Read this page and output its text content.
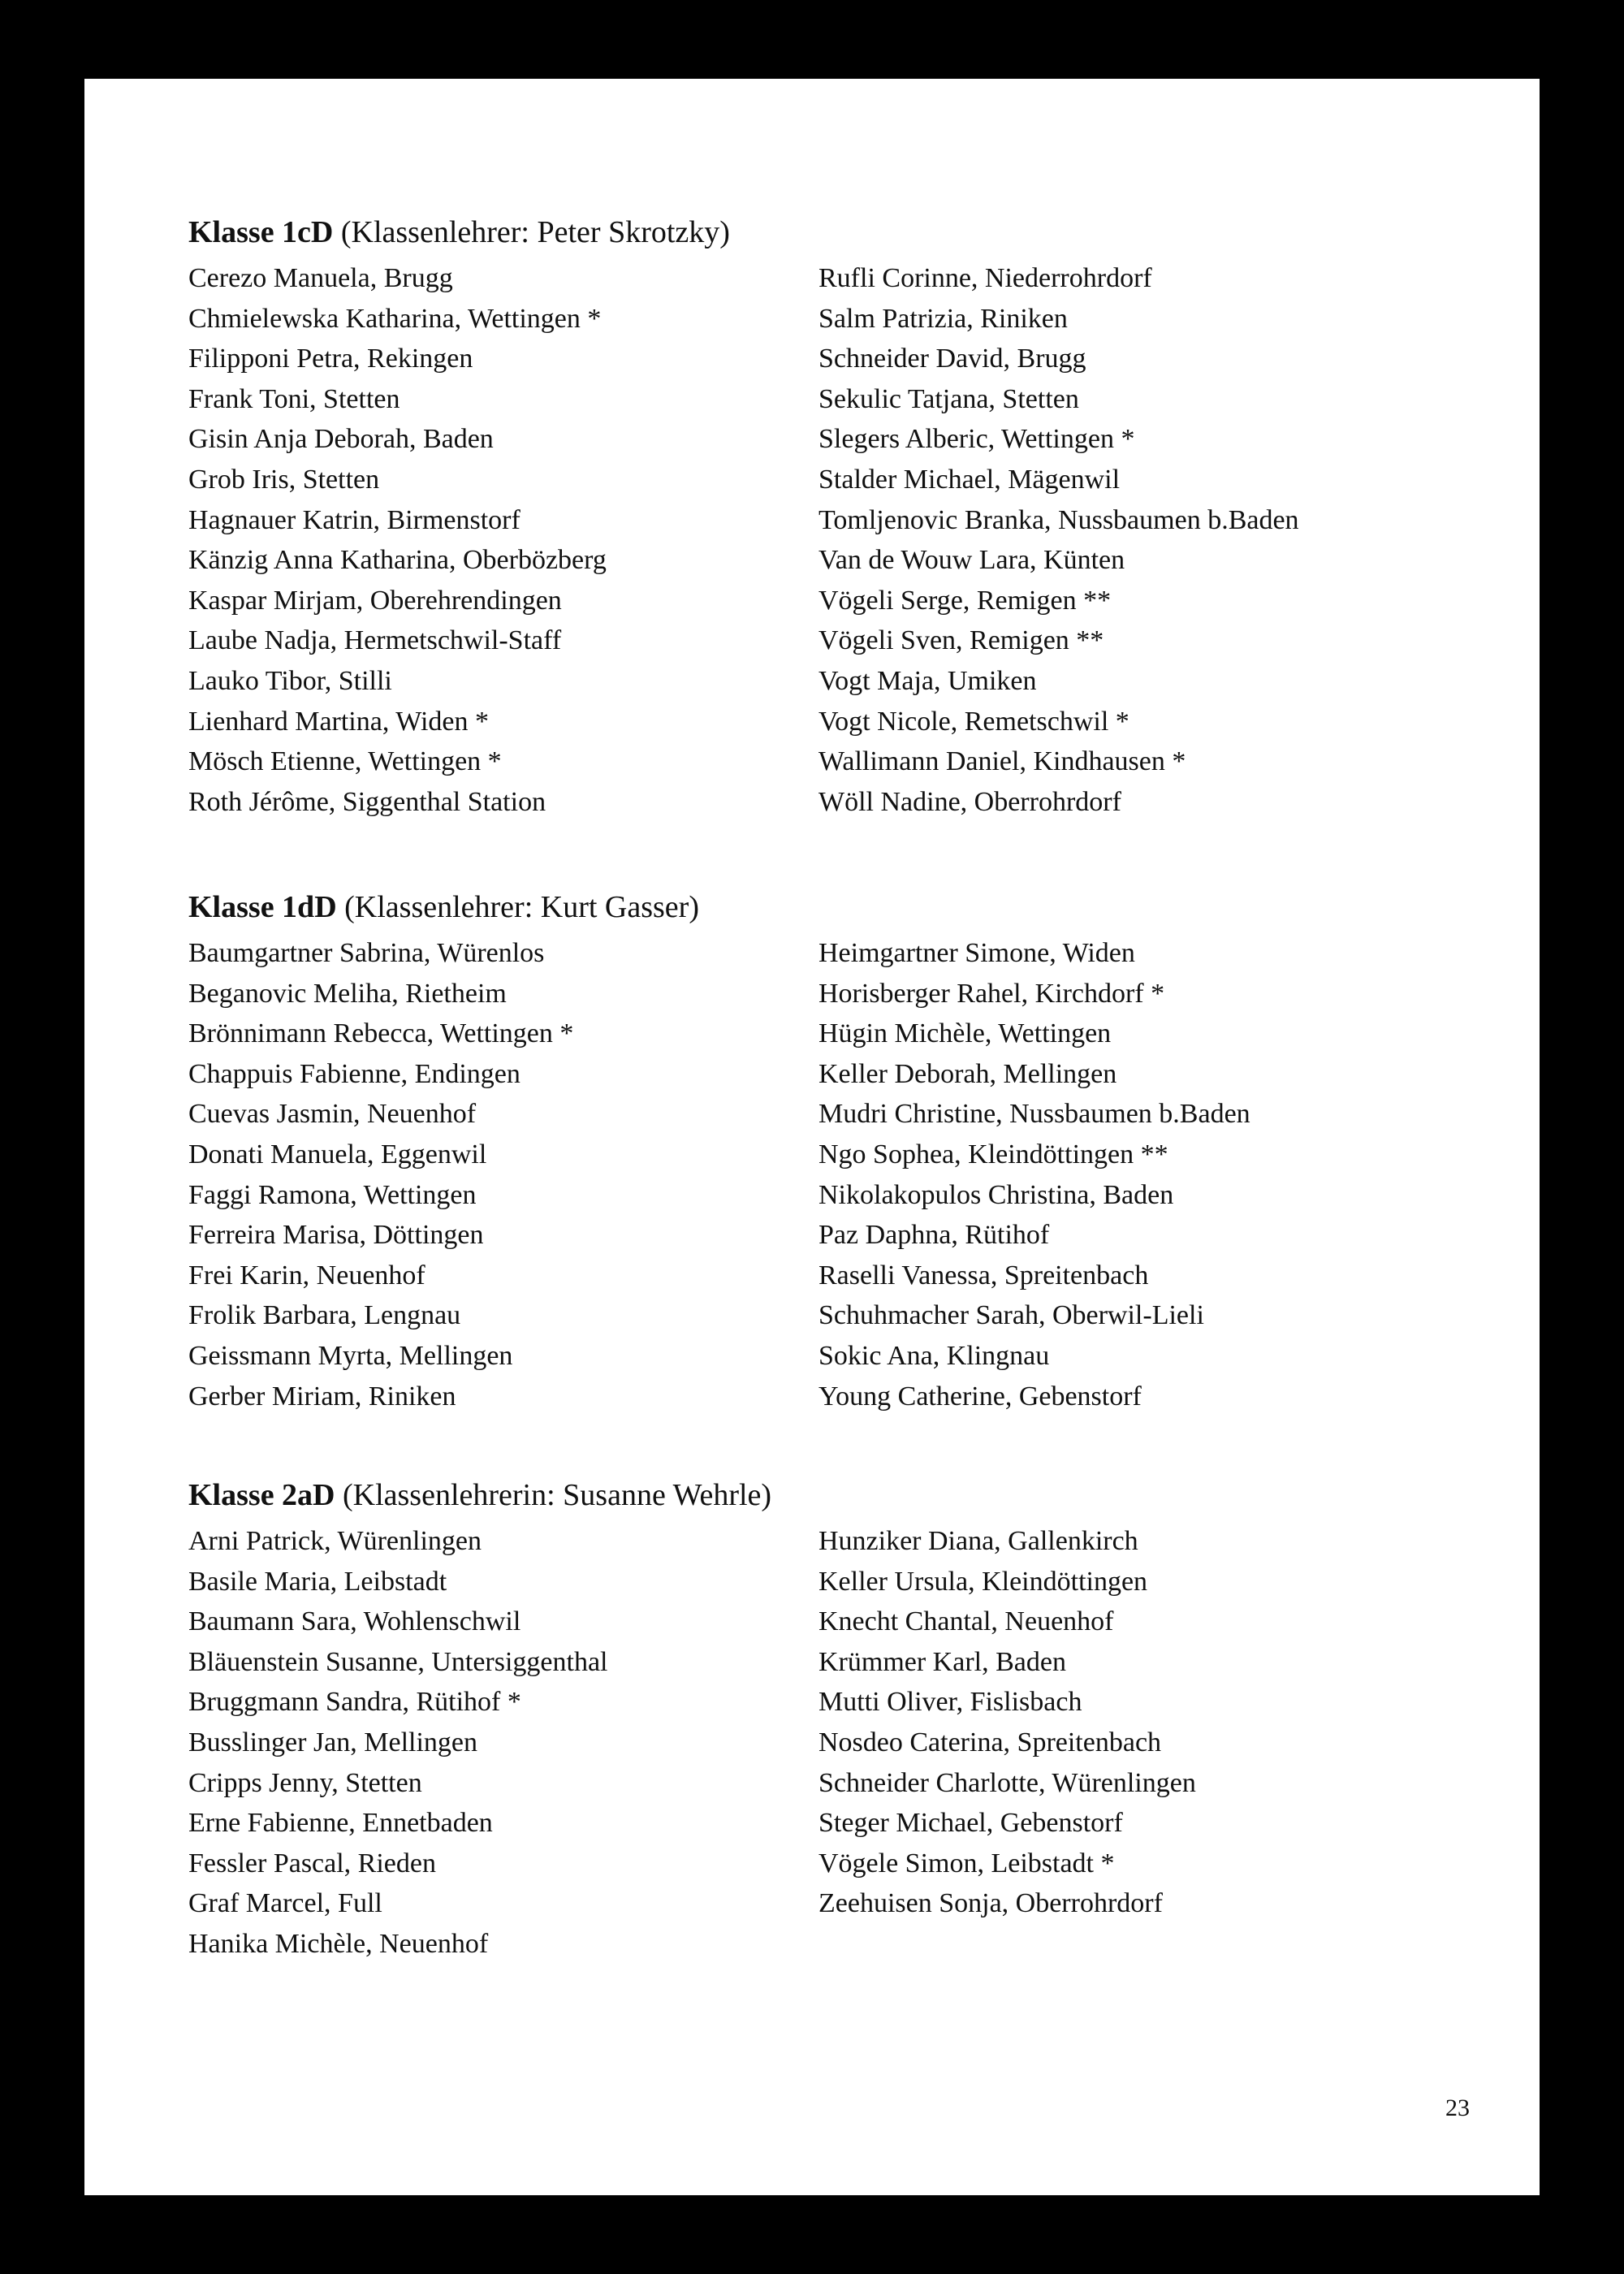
Klasse 1cD (Klassenlehrer: Peter Skrotzky)
Cerezo Manuela, Brugg
Chmielewska Katharina, Wettingen *
Filipponi Petra, Rekingen
Frank Toni, Stetten
Gisin Anja Deborah, Baden
Grob Iris, Stetten
Hagnauer Katrin, Birmenstorf
Känzig Anna Katharina, Oberbözberg
Kaspar Mirjam, Oberehrendingen
Laube Nadja, Hermetschwil-Staff
Lauko Tibor, Stilli
Lienhard Martina, Widen *
Mösch Etienne, Wettingen *
Roth Jérôme, Siggenthal Station
Rufli Corinne, Niederrohrdorf
Salm Patrizia, Riniken
Schneider David, Brugg
Sekulic Tatjana, Stetten
Slegers Alberic, Wettingen *
Stalder Michael, Mägenwil
Tomljenovic Branka, Nussbaumen b.Baden
Van de Wouw Lara, Künten
Vögeli Serge, Remigen **
Vögeli Sven, Remigen **
Vogt Maja, Umiken
Vogt Nicole, Remetschwil *
Wallimann Daniel, Kindhausen *
Wöll Nadine, Oberrohrdorf
Klasse 1dD (Klassenlehrer: Kurt Gasser)
Baumgartner Sabrina, Würenlos
Beganovic Meliha, Rietheim
Brönnimann Rebecca, Wettingen *
Chappuis Fabienne, Endingen
Cuevas Jasmin, Neuenhof
Donati Manuela, Eggenwil
Faggi Ramona, Wettingen
Ferreira Marisa, Döttingen
Frei Karin, Neuenhof
Frolik Barbara, Lengnau
Geissmann Myrta, Mellingen
Gerber Miriam, Riniken
Heimgartner Simone, Widen
Horisberger Rahel, Kirchdorf *
Hügin Michèle, Wettingen
Keller Deborah, Mellingen
Mudri Christine, Nussbaumen b.Baden
Ngo Sophea, Kleindöttingen **
Nikolakopulos Christina, Baden
Paz Daphna, Rütihof
Raselli Vanessa, Spreitenbach
Schuhmacher Sarah, Oberwil-Lieli
Sokic Ana, Klingnau
Young Catherine, Gebenstorf
Klasse 2aD (Klassenlehrerin: Susanne Wehrle)
Arni Patrick, Würenlingen
Basile Maria, Leibstadt
Baumann Sara, Wohlenschwil
Bläuenstein Susanne, Untersiggenthal
Bruggmann Sandra, Rütihof *
Busslinger Jan, Mellingen
Cripps Jenny, Stetten
Erne Fabienne, Ennetbaden
Fessler Pascal, Rieden
Graf Marcel, Full
Hanika Michèle, Neuenhof
Hunziker Diana, Gallenkirch
Keller Ursula, Kleindöttingen
Knecht Chantal, Neuenhof
Krümmer Karl, Baden
Mutti Oliver, Fislisbach
Nosdeo Caterina, Spreitenbach
Schneider Charlotte, Würenlingen
Steger Michael, Gebenstorf
Vögele Simon, Leibstadt *
Zeehuisen Sonja, Oberrohrdorf
23
